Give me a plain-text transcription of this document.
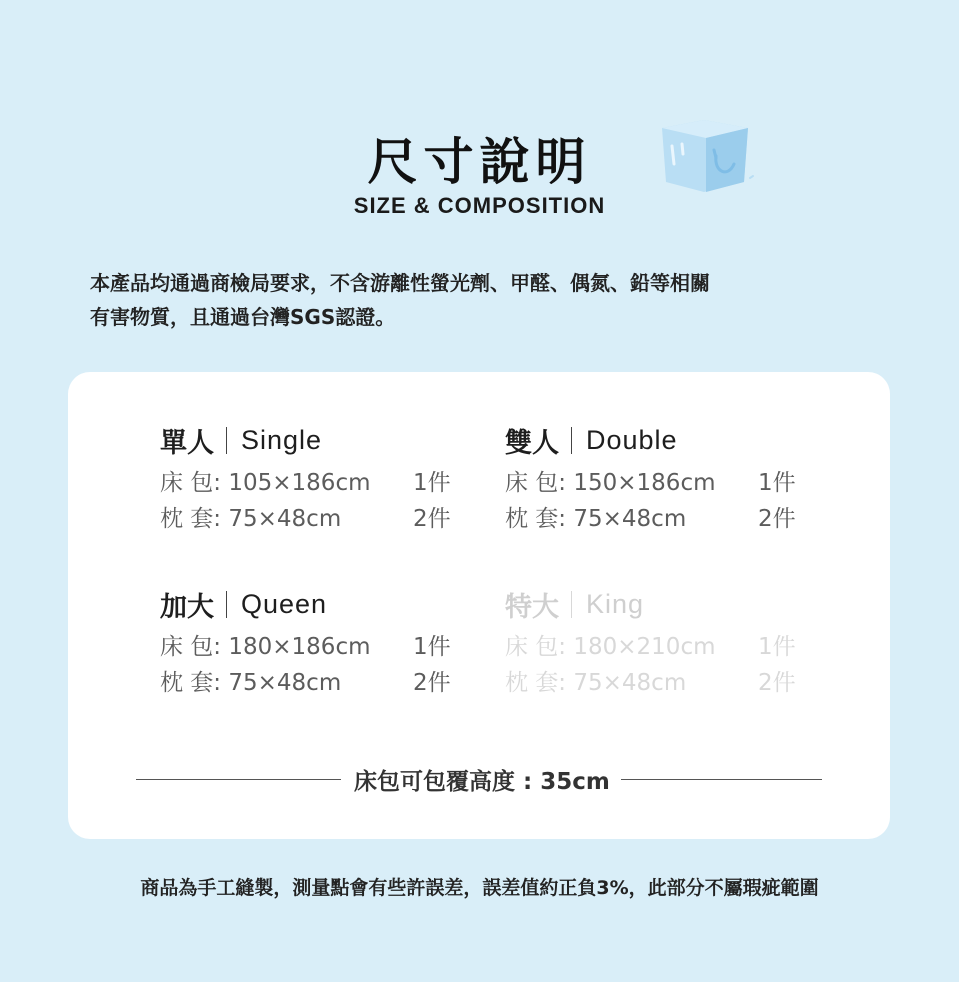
尺寸說明
SIZE & COMPOSITION
本產品均通過商檢局要求，不含游離性螢光劑、甲醛、偶氮、鉛等相關
有害物質，且通過台灣SGS認證。
單人 Single
床 包: 105×186cm 1件
枕 套: 75×48cm	2件
雙人 Double
床 包: 150×186cm 1件
枕 套: 75×48cm	2件
加大 Queen
床 包: 180×186cm 1件
枕 套: 75×48cm	2件
特大 King
床 包: 180×210cm 1件
枕 套: 75×48cm	2件
床包可包覆高度 : 35cm
商品為手工縫製，測量點會有些許誤差，誤差值約正負3%，此部分不屬瑕疵範圍
